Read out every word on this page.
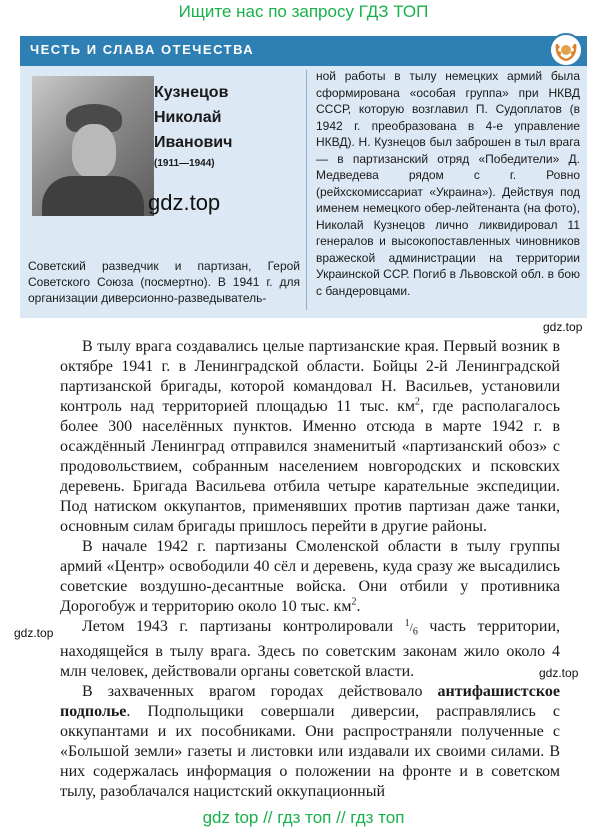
Ищите нас по запросу ГДЗ ТОП
ЧЕСТЬ И СЛАВА ОТЕЧЕСТВА
Кузнецов
Николай
Иванович
(1911—1944)
Советский разведчик и партизан, Герой Советского Союза (посмертно). В 1941 г. для организации диверсионно-разведыватель-
ной работы в тылу немецких армий была сформирована «особая группа» при НКВД СССР, которую возглавил П. Судоплатов (в 1942 г. преобразована в 4-е управление НКВД). Н. Кузнецов был заброшен в тыл врага — в партизанский отряд «Победители» Д. Медведева рядом с г. Ровно (рейхскомиссариат «Украина»). Действуя под именем немецкого обер-лейтенанта (на фото), Николай Кузнецов лично ликвидировал 11 генералов и высокопоставленных чиновников вражеской администрации на территории Украинской ССР. Погиб в Львовской обл. в бою с бандеровцами.
gdz.top
gdz.top

В тылу врага создавались целые партизанские края. Первый возник в октябре 1941 г. в Ленинградской области. Бойцы 2-й Ленинградской партизанской бригады, которой командовал Н. Васильев, установили контроль над территорией площадью 11 тыс. $км^2$, где располагалось более 300 населённых пунктов. Именно отсюда в марте 1942 г. в осаждённый Ленинград отправился знаменитый «партизанский обоз» с продовольствием, собранным населением новгородских и псковских деревень. Бригада Васильева отбила четыре карательные экспедиции. Под натиском оккупантов, применявших против партизан даже танки, основным силам бригады пришлось перейти в другие районы.

В начале 1942 г. партизаны Смоленской области в тылу группы армий «Центр» освободили 40 сёл и деревень, куда сразу же высадились советские воздушно-десантные войска. Они отбили у противника Дорогобуж и территорию около 10 тыс. $км^2$.

Летом 1943 г. партизаны контролировали $^1/_6$ часть территории, находящейся в тылу врага. Здесь по советским законам жило около 4 млн человек, действовали органы советской власти.

В захваченных врагом городах действовало антифашистское подполье. Подпольщики совершали диверсии, расправлялись с оккупантами и их пособниками. Они распространяли полученные с «Большой земли» газеты и листовки или издавали их своими силами. В них содержалась информация о положении на фронте и в советском тылу, разоблачался нацистский оккупационный

gdz.top
gdz.top
gdz top // гдз топ // гдз топ
